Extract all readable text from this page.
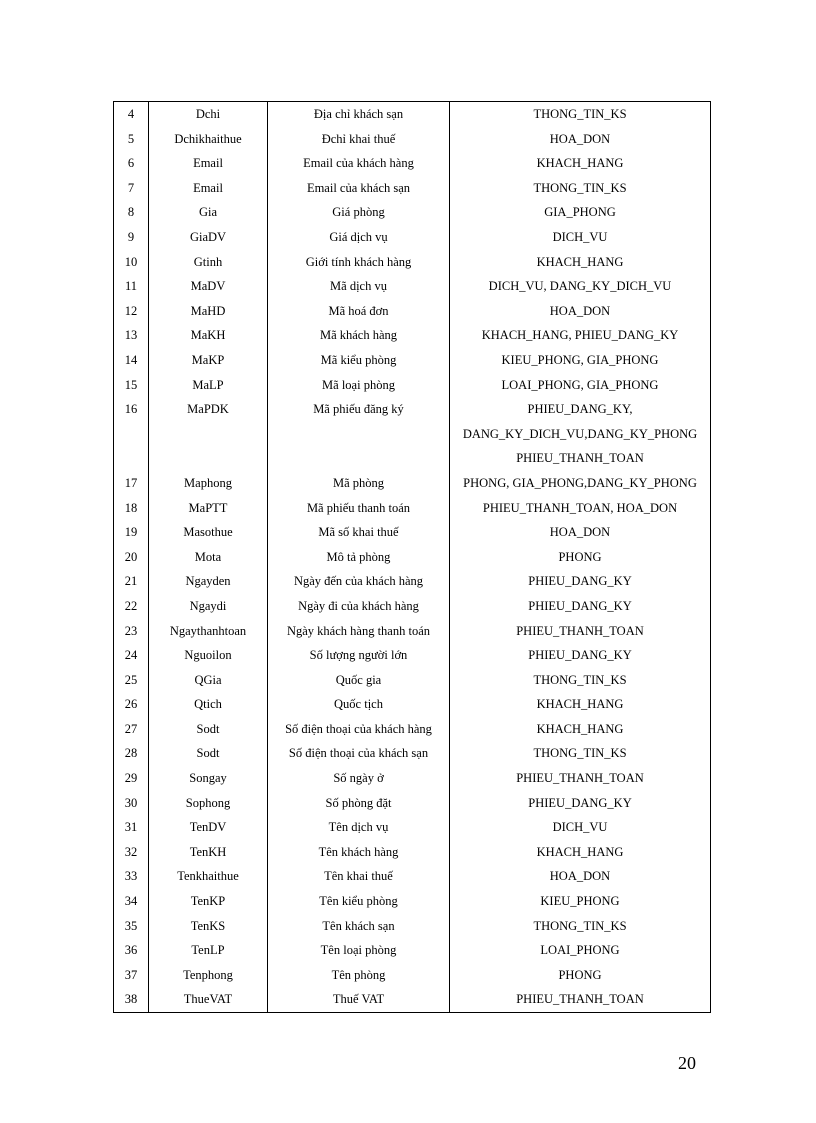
4	Dchi	Địa chỉ khách sạn	THONG_TIN_KS
5	Dchikhaithue	Đchỉ khai thuế	HOA_DON
6	Email	Email của khách hàng	KHACH_HANG
7	Email	Email của khách sạn	THONG_TIN_KS
8	Gia	Giá phòng	GIA_PHONG
9	GiaDV	Giá dịch vụ	DICH_VU
10	Gtinh	Giới tính khách hàng	KHACH_HANG
11	MaDV	Mã dịch vụ	DICH_VU, DANG_KY_DICH_VU
12	MaHD	Mã hoá đơn	HOA_DON
13	MaKH	Mã khách hàng	KHACH_HANG, PHIEU_DANG_KY
14	MaKP	Mã kiểu phòng	KIEU_PHONG, GIA_PHONG
15	MaLP	Mã loại phòng	LOAI_PHONG, GIA_PHONG
16	MaPDK	Mã phiếu đăng ký	PHIEU_DANG_KY,
			DANG_KY_DICH_VU,DANG_KY_PHONG
			PHIEU_THANH_TOAN
17	Maphong	Mã phòng	PHONG, GIA_PHONG,DANG_KY_PHONG
18	MaPTT	Mã phiếu thanh toán	PHIEU_THANH_TOAN, HOA_DON
19	Masothue	Mã số khai thuế	HOA_DON
20	Mota	Mô tả phòng	PHONG
21	Ngayden	Ngày đến của khách hàng	PHIEU_DANG_KY
22	Ngaydi	Ngày đi của khách hàng	PHIEU_DANG_KY
23	Ngaythanhtoan	Ngày khách hàng thanh toán	PHIEU_THANH_TOAN
24	Nguoilon	Số lượng người lớn	PHIEU_DANG_KY
25	QGia	Quốc gia	THONG_TIN_KS
26	Qtich	Quốc tịch	KHACH_HANG
27	Sodt	Số điện thoại của khách hàng	KHACH_HANG
28	Sodt	Số điện thoại của khách sạn	THONG_TIN_KS
29	Songay	Số ngày ở	PHIEU_THANH_TOAN
30	Sophong	Số phòng đặt	PHIEU_DANG_KY
31	TenDV	Tên dịch vụ	DICH_VU
32	TenKH	Tên khách hàng	KHACH_HANG
33	Tenkhaithue	Tên khai thuế	HOA_DON
34	TenKP	Tên kiểu phòng	KIEU_PHONG
35	TenKS	Tên khách sạn	THONG_TIN_KS
36	TenLP	Tên loại phòng	LOAI_PHONG
37	Tenphong	Tên phòng	PHONG
38	ThueVAT	Thuế VAT	PHIEU_THANH_TOAN
20
